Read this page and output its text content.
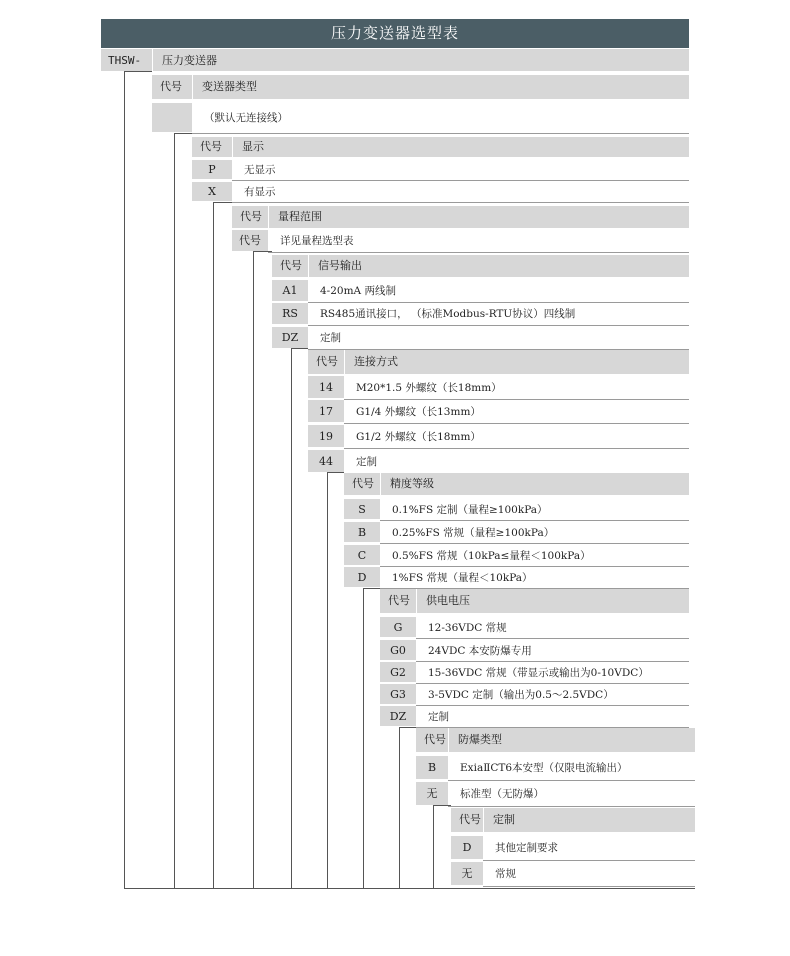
压力变送器选型表
THSW- 压力变送器
代号 变送器类型
（默认无连接线）
代号 显示
P	无显示
X	有显示
代号 量程范围
代号	详见量程选型表
代号 信号输出
A1	4-20mA 两线制
RS	RS485通讯接口， （标准Modbus-RTU协议）四线制
DZ	定制
代号 连接方式
14	M20*1.5 外螺纹（长18mm）
17	G1/4 外螺纹（长13mm）
19	G1/2 外螺纹（长18mm）
44	定制
代号 精度等级
S	0.1%FS 定制（量程≥100kPa）
B	0.25%FS 常规（量程≥100kPa）
C	0.5%FS 常规（10kPa≤量程＜100kPa）
D	1%FS 常规（量程＜10kPa）
代号 供电电压
G	12-36VDC 常规
G0	24VDC 本安防爆专用
G2	15-36VDC 常规（带显示或输出为0-10VDC）
G3	3-5VDC 定制（输出为0.5～2.5VDC）
DZ	定制
代号 防爆类型
B	ExiaⅡCT6本安型（仅限电流输出）
无	标准型（无防爆）
代号 定制
D	其他定制要求
无	常规
